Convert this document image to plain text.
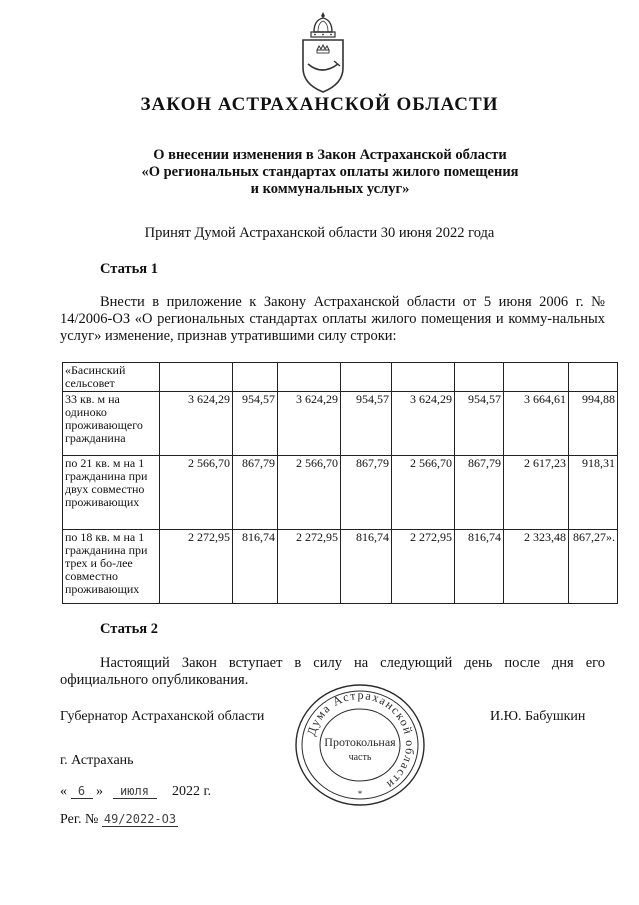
ЗАКОН АСТРАХАНСКОЙ ОБЛАСТИ
О внесении изменения в Закон Астраханской области
«О региональных стандартах оплаты жилого помещения
и коммунальных услуг»
Принят Думой Астраханской области 30 июня 2022 года
Статья 1
Внести в приложение к Закону Астраханской области от 5 июня 2006 г. № 14/2006-ОЗ «О региональных стандартах оплаты жилого помещения и комму-нальных услуг» изменение, признав утратившими силу строки:
«Басинский сельсовет								
33 кв. м на одиноко проживающего гражданина	3 624,29	954,57	3 624,29	954,57	3 624,29	954,57	3 664,61	994,88
по 21 кв. м на 1 гражданина при двух совместно проживающих	2 566,70	867,79	2 566,70	867,79	2 566,70	867,79	2 617,23	918,31
по 18 кв. м на 1 гражданина при трех и бо-лее совместно проживающих	2 272,95	816,74	2 272,95	816,74	2 272,95	816,74	2 323,48	867,27».
Статья 2
Настоящий Закон вступает в силу на следующий день после дня его официального опубликования.
Губернатор Астраханской области	И.Ю. Бабушкин
г. Астрахань
« 6 » июля 2022 г.
Рег. № 49/2022-ОЗ
Дума Астраханской области
Протокольная
часть
*
